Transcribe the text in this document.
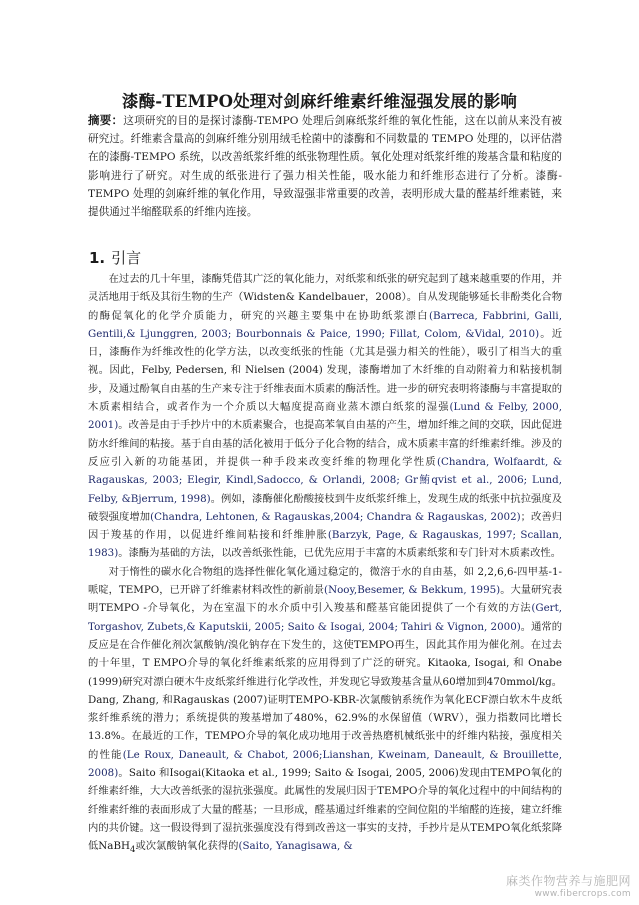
漆酶-TEMPO处理对剑麻纤维素纤维湿强发展的影响

摘要：这项研究的目的是探讨漆酶-TEMPO 处理后剑麻纸浆纤维的氧化性能，这在以前从来没有被研究过。纤维素含量高的剑麻纤维分别用绒毛栓菌中的漆酶和不同数量的 TEMPO 处理的，以评估潜在的漆酶-TEMPO 系统，以改善纸浆纤维的纸张物理性质。氧化处理对纸浆纤维的羧基含量和粘度的影响进行了研究。对生成的纸张进行了强力相关性能，吸水能力和纤维形态进行了分析。漆酶-TEMPO 处理的剑麻纤维的氧化作用，导致湿强非常重要的改善，表明形成大量的醛基纤维素链，来提供通过半缩醛联系的纤维内连接。

1. 引言

在过去的几十年里，漆酶凭借其广泛的氧化能力，对纸浆和纸张的研究起到了越来越重要的作用，并灵活地用于纸及其衍生物的生产（Widsten& Kandelbauer，2008）。自从发现能够延长非酚类化合物的酶促氧化的化学介质能力，研究的兴趣主要集中在协助纸浆漂白(Barreca, Fabbrini, Galli, Gentili,& Ljunggren, 2003; Bourbonnais & Paice, 1990; Fillat, Colom, &Vidal, 2010)。近日，漆酶作为纤维改性的化学方法，以改变纸张的性能（尤其是强力相关的性能），吸引了相当大的重视。因此，Felby, Pedersen, 和 Nielsen (2004) 发现，漆酶增加了木纤维的自动附着力和粘接机制步，及通过酚氧自由基的生产来专注于纤维表面木质素的酶活性。进一步的研究表明将漆酶与丰富提取的木质素相结合，或者作为一个介质以大幅度提高商业蒸木漂白纸浆的湿强(Lund & Felby, 2000, 2001)。改善是由于手抄片中的木质素聚合，也提高苯氧自由基的产生，增加纤维之间的交联，因此促进防水纤维间的粘接。基于自由基的活化被用于低分子化合物的结合，成木质素丰富的纤维素纤维。涉及的反应引入新的功能基团，并提供一种手段来改变纤维的物理化学性质(Chandra, Wolfaardt, & Ragauskas, 2003; Elegir, Kindl,Sadocco, & Orlandi, 2008; Gr鮪qvist et al., 2006; Lund, Felby, &Bjerrum, 1998)。例如，漆酶催化酚酸接枝到牛皮纸浆纤维上，发现生成的纸张中抗拉强度及破裂强度增加(Chandra, Lehtonen, & Ragauskas,2004; Chandra & Ragauskas, 2002)；改善归因于羧基的作用，以促进纤维间粘接和纤维肿胀(Barzyk, Page, & Ragauskas, 1997; Scallan, 1983)。漆酶为基础的方法，以改善纸张性能，已优先应用于丰富的木质素纸浆和专门针对木质素改性。

对于惰性的碳水化合物组的选择性催化氧化通过稳定的，微溶于水的自由基，如 2,2,6,6-四甲基-1-哌啶，TEMPO，已开辟了纤维素材料改性的新前景(Nooy,Besemer, & Bekkum, 1995)。大量研究表明TEMPO -介导氧化，为在室温下的水介质中引入羧基和醛基官能团提供了一个有效的方法(Gert, Torgashov, Zubets,& Kaputskii, 2005; Saito & Isogai, 2004; Tahiri & Vignon, 2000)。通常的反应是在合作催化剂次氯酸钠/溴化钠存在下发生的，这使TEMPO再生，因此其作用为催化剂。在过去的十年里，T EMPO介导的氧化纤维素纸浆的应用得到了广泛的研究。Kitaoka, Isogai, 和 Onabe (1999)研究对漂白硬木牛皮纸浆纤维进行化学改性，并发现它导致羧基含量从60增加到470mmol/kg。Dang, Zhang, 和Ragauskas (2007)证明TEMPO-KBR-次氯酸钠系统作为氧化ECF漂白软木牛皮纸浆纤维系统的潜力；系统提供的羧基增加了480%，62.9%的水保留值（WRV），强力指数同比增长13.8%。在最近的工作，TEMPO介导的氧化成功地用于改善热磨机械纸张中的纤维内粘接，强度相关的性能(Le Roux, Daneault, & Chabot, 2006;Lianshan, Kweinam, Daneault, & Brouillette, 2008)。Saito 和Isogai(Kitaoka et al., 1999; Saito & Isogai, 2005, 2006)发现由TEMPO氧化的纤维素纤维，大大改善纸张的湿抗张强度。此属性的发展归因于TEMPO介导的氧化过程中的中间结构的纤维素纤维的表面形成了大量的醛基；一旦形成，醛基通过纤维素的空间位阻的半缩醛的连接，建立纤维内的共价键。这一假设得到了湿抗张强度没有得到改善这一事实的支持，手抄片是从TEMPO氧化纸浆降低NaBH$_4$或次氯酸钠氧化获得的(Saito, Yanagisawa, &

麻类作物营养与施肥网
www.fibercrops.com
